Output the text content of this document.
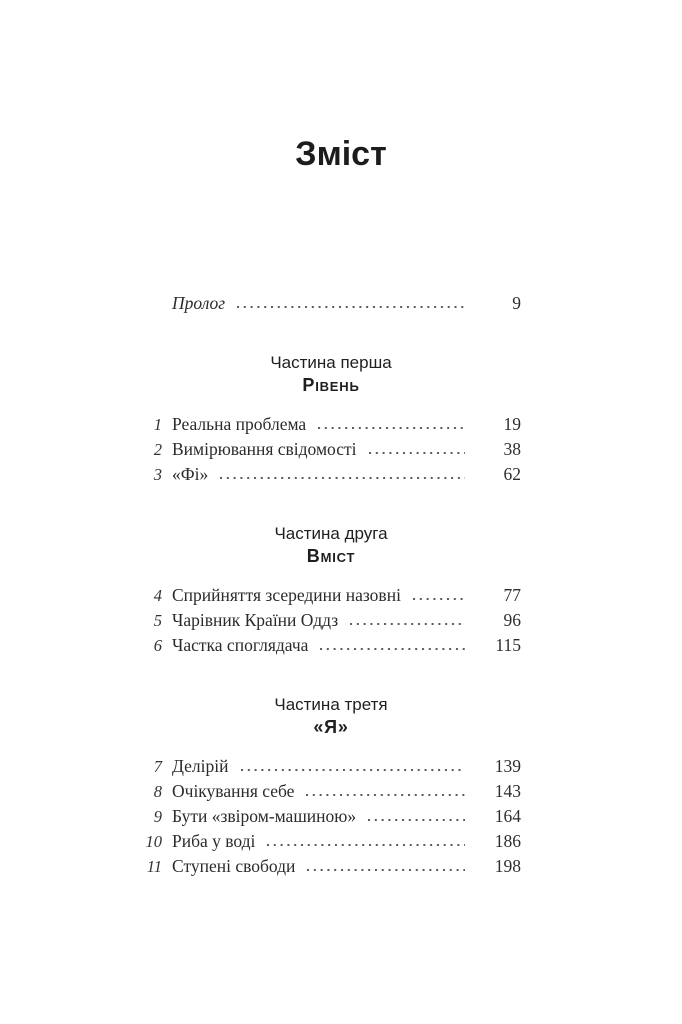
Зміст
Пролог	9
Частина перша
Рівень
1 Реальна проблема	19
2 Вимірювання свідомості	38
3 «Фі»	62
Частина друга
Вміст
4 Сприйняття зсередини назовні	77
5 Чарівник Країни Оддз	96
6 Частка споглядача	115
Частина третя
«Я»
7 Делірій	139
8 Очікування себе	143
9 Бути «звіром-машиною»	164
10 Риба у воді	186
11 Ступені свободи	198
